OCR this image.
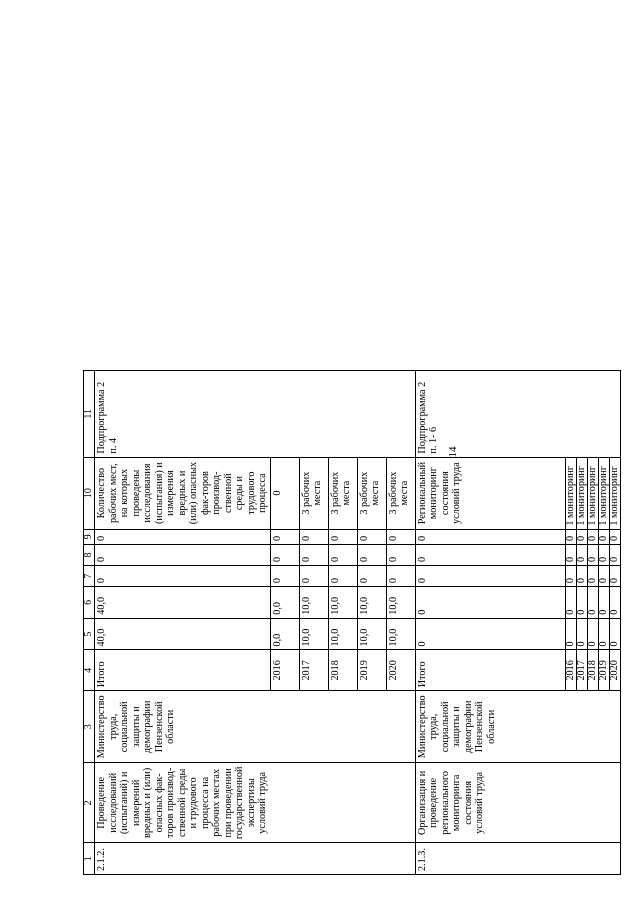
14
1	2	3	4	5	6	7	8	9	10	11
2.1.2.	Проведение исследований (испытаний) и измерений вредных и (или) опасных фак-торов производ-ственной среды и трудового процесса на рабочих местах при проведении государственной экспертизы условий труда	Министерство труда, социальной защиты и демографии Пензенской области	Итого	40,0	40,0	0	0	0	Количество рабочих мест, на которых проведены исследования (испытания) и измерения вредных и (или) опасных фак-торов производ-ственной среды и трудового процесса	Подпрограмма 2 п. 4
			2016	0,0	0,0	0	0	0	0	
			2017	10,0	10,0	0	0	0	3 рабочих места	
			2018	10,0	10,0	0	0	0	3 рабочих места	
			2019	10,0	10,0	0	0	0	3 рабочих места	
			2020	10,0	10,0	0	0	0	3 рабочих места	
2.1.3.	Организация и проведение регионального мониторинга состояния условий труда	Министерство труда, социальной защиты и демографии Пензенской области	Итого	0	0	0	0	0	Региональный мониторинг состояния условий труда	Подпрограмма 2 п. 1- 6
			2016	0	0	0	0	0	1 мониторинг	
			2017	0	0	0	0	0	1 мониторинг	
			2018	0	0	0	0	0	1 мониторинг	
			2019	0	0	0	0	0	1 мониторинг	
			2020	0	0	0	0	0	1 мониторинг	
